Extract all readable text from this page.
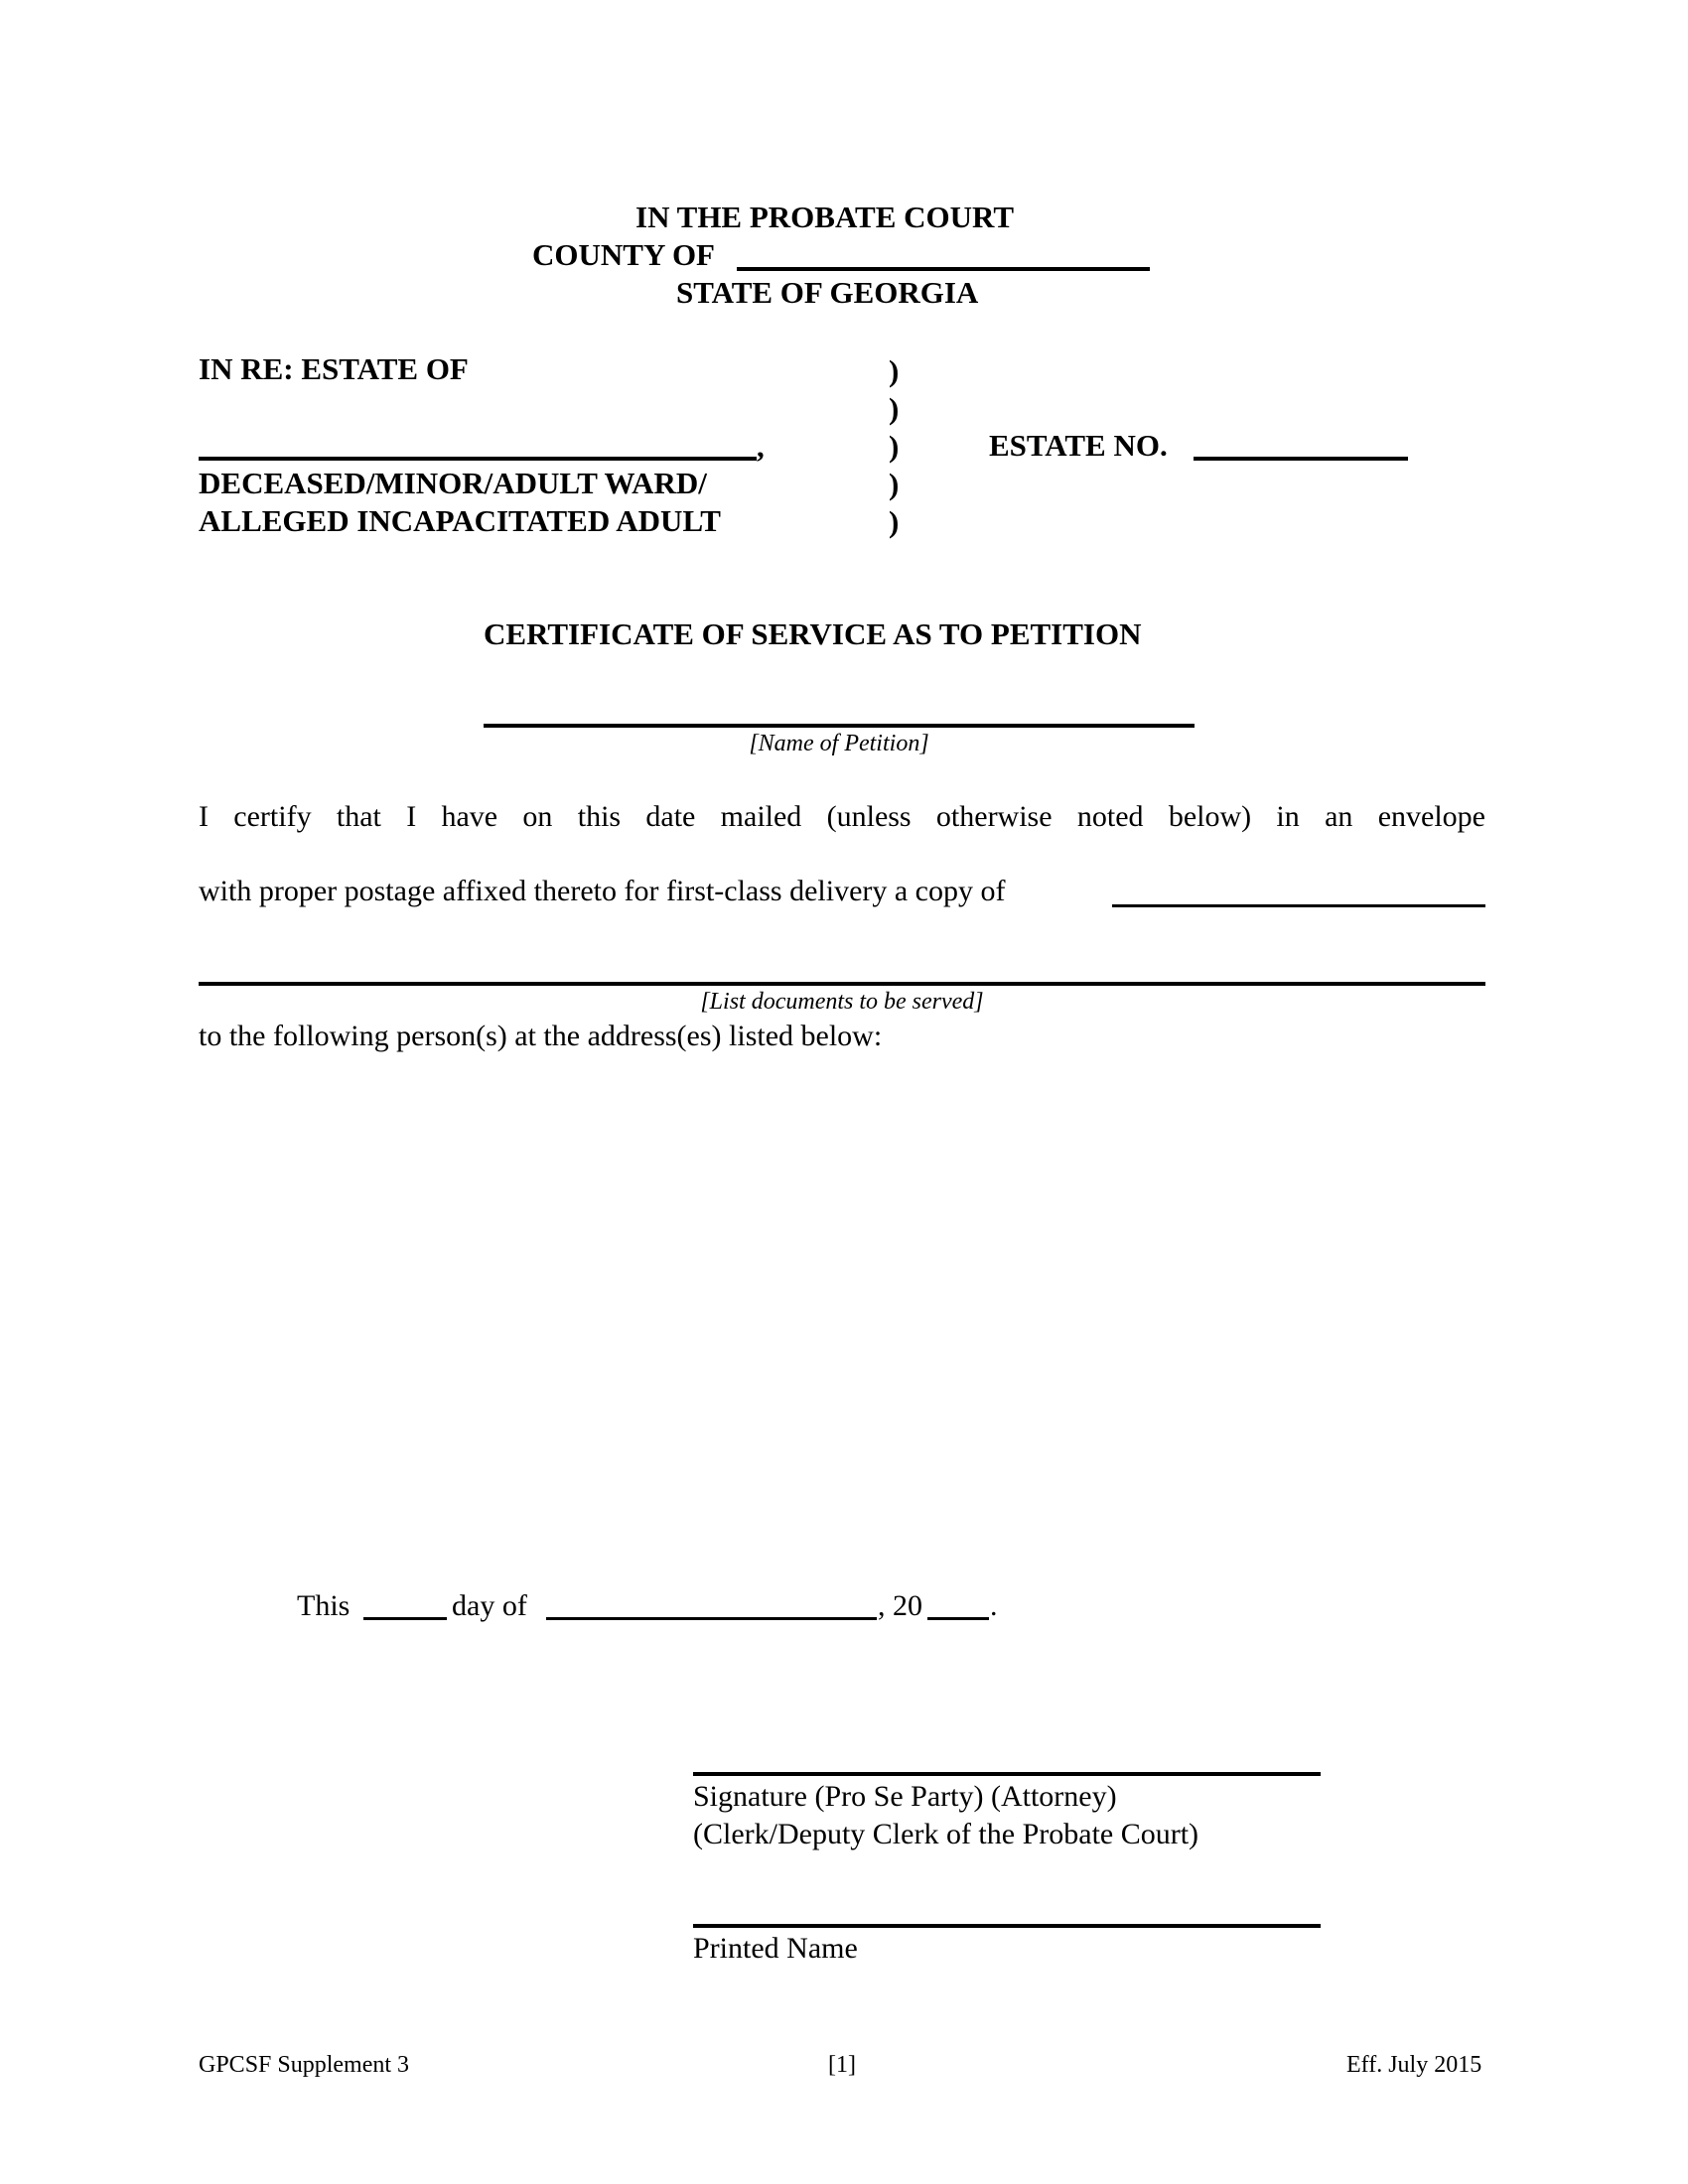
IN THE PROBATE COURT
COUNTY OF
STATE OF GEORGIA
IN RE: ESTATE OF
,
DECEASED/MINOR/ADULT WARD/
ALLEGED INCAPACITATED ADULT
)
)
)
)
)
ESTATE NO.
CERTIFICATE OF SERVICE AS TO PETITION
[Name of Petition]
I certify that I have on this date mailed (unless otherwise noted below) in an envelope
with proper postage affixed thereto for first-class delivery a copy of
[List documents to be served]
to the following person(s) at the address(es) listed below:
This	day of	, 20 .
Signature (Pro Se Party) (Attorney)
(Clerk/Deputy Clerk of the Probate Court)
Printed Name
GPCSF Supplement 3	[1]	Eff. July 2015
